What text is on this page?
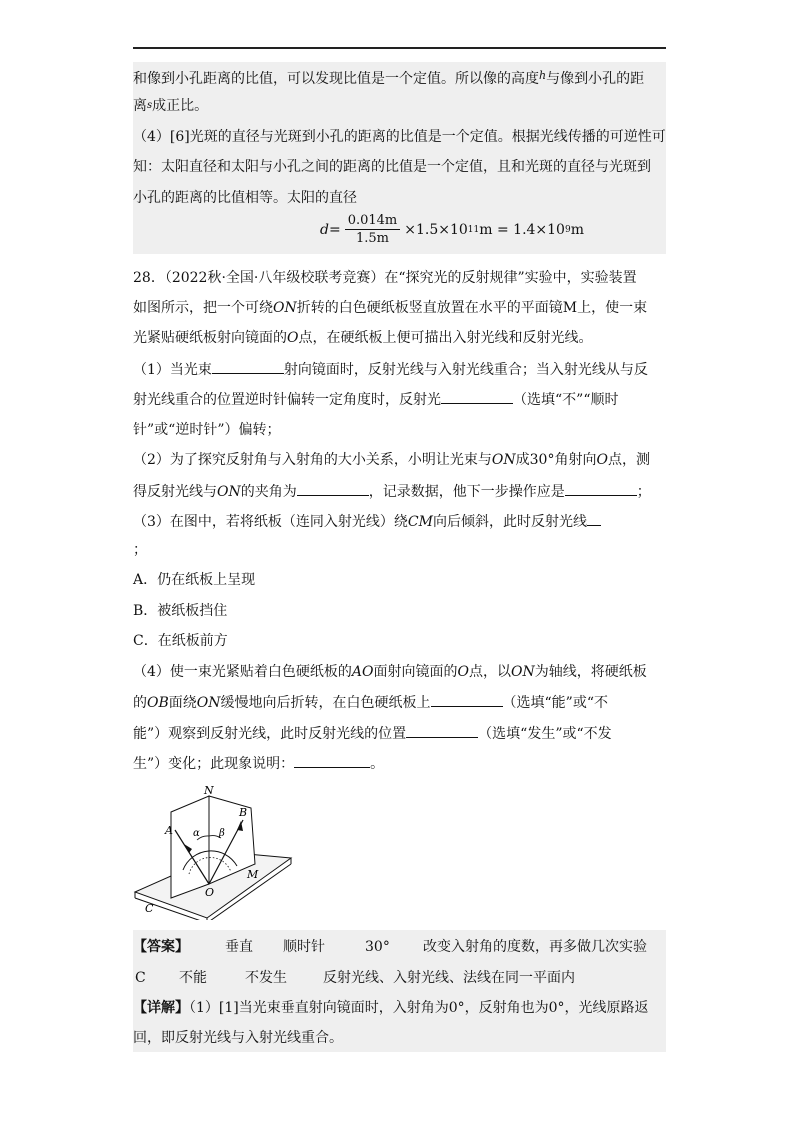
和像到小孔距离的比值，可以发现比值是一个定值。所以像的高度$^h$与像到小孔的距
离s成正比。
（4）[6]光斑的直径与光斑到小孔的距离的比值是一个定值。根据光线传播的可逆性可
知：太阳直径和太阳与小孔之间的距离的比值是一个定值，且和光斑的直径与光斑到
小孔的距离的比值相等。太阳的直径
$d = \frac{0.014m}{1.5m} \times 1.5\times 10$ 11 m = 1.4×10 9 m
28．（2022秋·全国·八年级校联考竞赛）在“探究光的反射规律”实验中，实验装置
如图所示，把一个可绕ON折转的白色硬纸板竖直放置在水平的平面镜M上，使一束
光紧贴硬纸板射向镜面的O点，在硬纸板上便可描出入射光线和反射光线。
（1）当光束	射向镜面时，反射光线与入射光线重合；当入射光线从与反
射光线重合的位置逆时针偏转一定角度时，反射光	（选填“不”“顺时
针”或“逆时针”）偏转；
（2）为了探究反射角与入射角的大小关系，小明让光束与ON成30°角射向O点，测
得反射光线与ON的夹角为	，记录数据，他下一步操作应是	；
（3）在图中，若将纸板（连同入射光线）绕CM向后倾斜，此时反射光线
；
A．仍在纸板上呈现
B．被纸板挡住
C．在纸板前方
（4）使一束光紧贴着白色硬纸板的AO面射向镜面的O点，以ON为轴线，将硬纸板
的OB面绕ON缓慢地向后折转，在白色硬纸板上	（选填“能”或“不
能”）观察到反射光线，此时反射光线的位置	（选填“发生”或“不发
生”）变化；此现象说明：	。
N
A
B
O
M
C
α β
【答案】	垂直 顺时针	30° 改变入射角的度数，再多做几次实验
C 不能	不发生	反射光线、入射光线、法线在同一平面内
【详解】（1）[1]当光束垂直射向镜面时，入射角为0°，反射角也为0°，光线原路返
回，即反射光线与入射光线重合。
